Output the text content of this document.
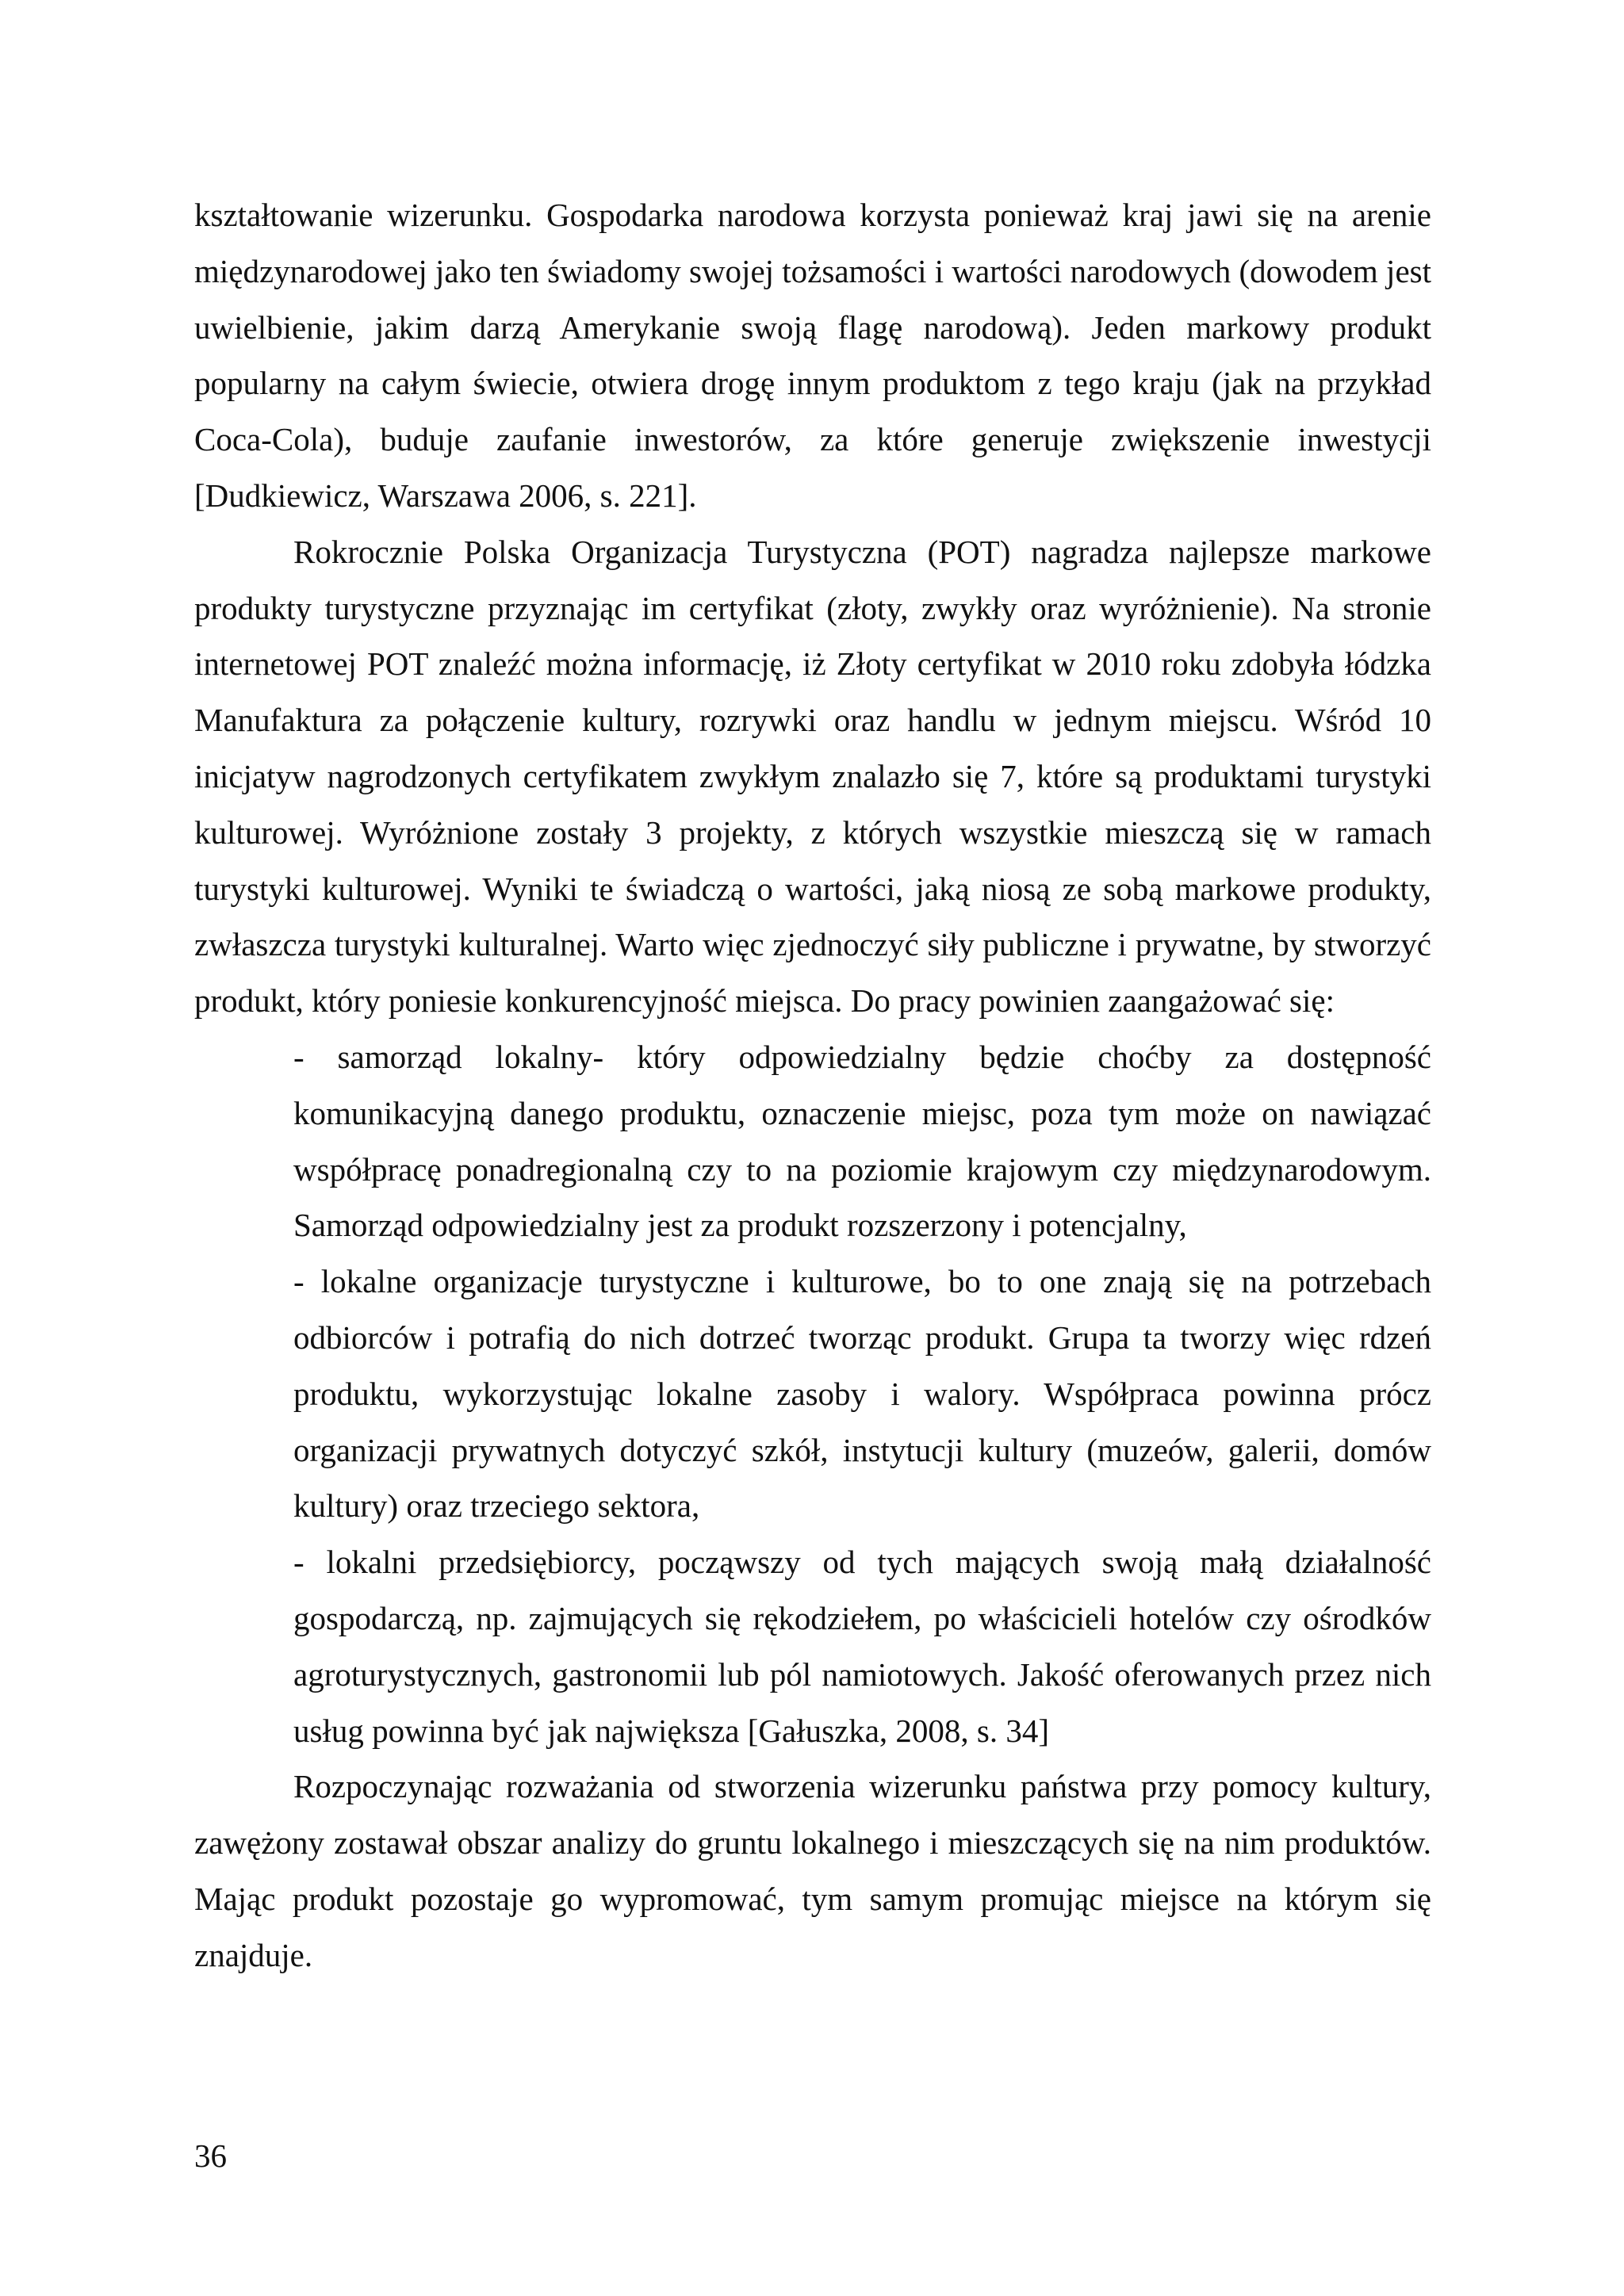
kształtowanie wizerunku. Gospodarka narodowa korzysta ponieważ kraj jawi się na arenie międzynarodowej jako ten świadomy swojej tożsamości i wartości narodowych (dowodem jest uwielbienie, jakim darzą Amerykanie swoją flagę narodową). Jeden markowy produkt popularny na całym świecie, otwiera drogę innym produktom z tego kraju (jak na przykład Coca-Cola), buduje zaufanie inwestorów, za które generuje zwiększenie inwestycji [Dudkiewicz, Warszawa 2006, s. 221].

Rokrocznie Polska Organizacja Turystyczna (POT) nagradza najlepsze markowe produkty turystyczne przyznając im certyfikat (złoty, zwykły oraz wyróżnienie). Na stronie internetowej POT znaleźć można informację, iż Złoty certyfikat w 2010 roku zdobyła łódzka Manufaktura za połączenie kultury, rozrywki oraz handlu w jednym miejscu. Wśród 10 inicjatyw nagrodzonych certyfikatem zwykłym znalazło się 7, które są produktami turystyki kulturowej. Wyróżnione zostały 3 projekty, z których wszystkie mieszczą się w ramach turystyki kulturowej. Wyniki te świadczą o wartości, jaką niosą ze sobą markowe produkty, zwłaszcza turystyki kulturalnej. Warto więc zjednoczyć siły publiczne i prywatne, by stworzyć produkt, który poniesie konkurencyjność miejsca. Do pracy powinien zaangażować się:

- samorząd lokalny- który odpowiedzialny będzie choćby za dostępność komunikacyjną danego produktu, oznaczenie miejsc, poza tym może on nawiązać współpracę ponadregionalną czy to na poziomie krajowym czy międzynarodowym. Samorząd odpowiedzialny jest za produkt rozszerzony i potencjalny,
- lokalne organizacje turystyczne i kulturowe, bo to one znają się na potrzebach odbiorców i potrafią do nich dotrzeć tworząc produkt. Grupa ta tworzy więc rdzeń produktu, wykorzystując lokalne zasoby i walory. Współpraca powinna prócz organizacji prywatnych dotyczyć szkół, instytucji kultury (muzeów, galerii, domów kultury) oraz trzeciego sektora,
- lokalni przedsiębiorcy, począwszy od tych mających swoją małą działalność gospodarczą, np. zajmujących się rękodziełem, po właścicieli hotelów czy ośrodków agroturystycznych, gastronomii lub pól namiotowych. Jakość oferowanych przez nich usług powinna być jak największa [Gałuszka, 2008, s. 34]

Rozpoczynając rozważania od stworzenia wizerunku państwa przy pomocy kultury, zawężony zostawał obszar analizy do gruntu lokalnego i mieszczących się na nim produktów. Mając produkt pozostaje go wypromować, tym samym promując miejsce na którym się znajduje.

36
